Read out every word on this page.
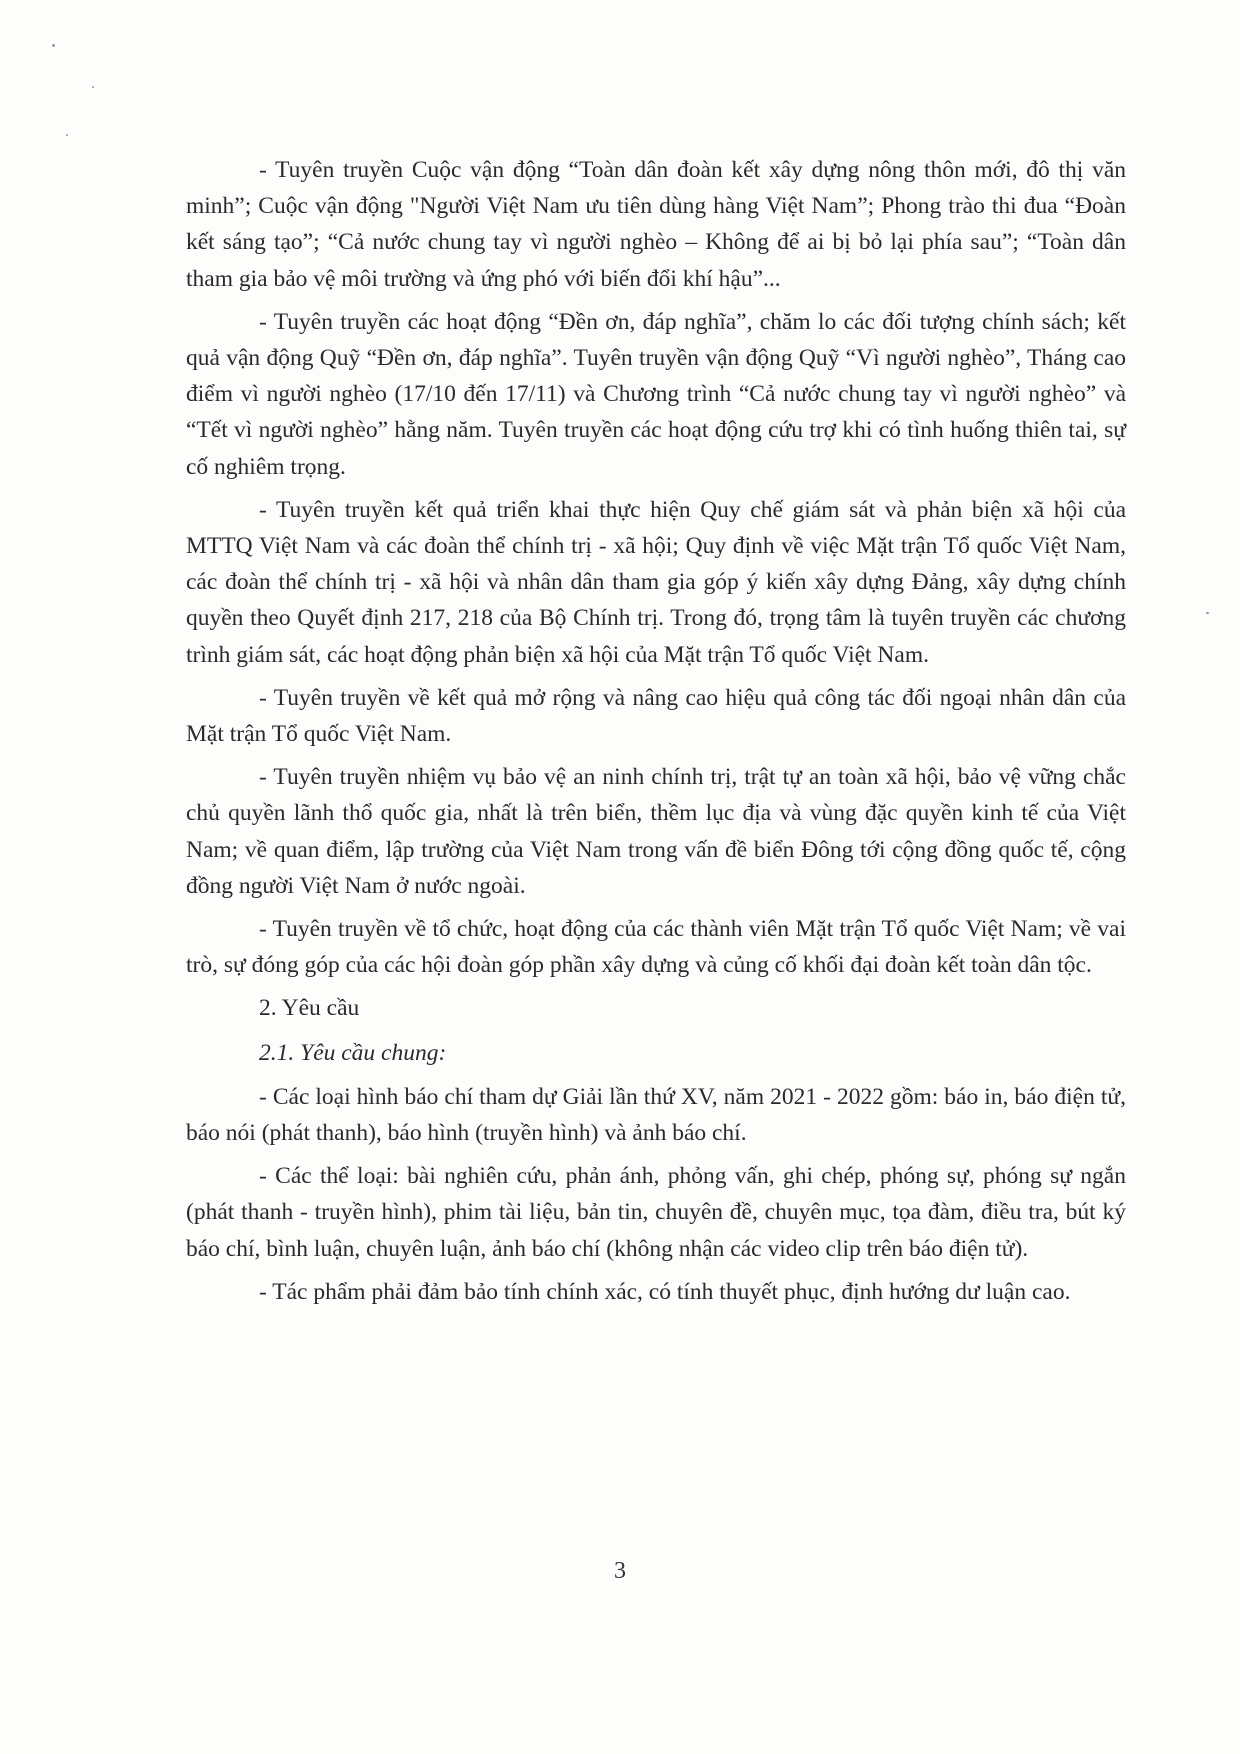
- Tuyên truyền Cuộc vận động “Toàn dân đoàn kết xây dựng nông thôn mới, đô thị văn minh”; Cuộc vận động "Người Việt Nam ưu tiên dùng hàng Việt Nam”; Phong trào thi đua “Đoàn kết sáng tạo”; “Cả nước chung tay vì người nghèo – Không để ai bị bỏ lại phía sau”; “Toàn dân tham gia bảo vệ môi trường và ứng phó với biến đổi khí hậu”...

- Tuyên truyền các hoạt động “Đền ơn, đáp nghĩa”, chăm lo các đối tượng chính sách; kết quả vận động Quỹ “Đền ơn, đáp nghĩa”. Tuyên truyền vận động Quỹ “Vì người nghèo”, Tháng cao điểm vì người nghèo (17/10 đến 17/11) và Chương trình “Cả nước chung tay vì người nghèo” và “Tết vì người nghèo” hằng năm. Tuyên truyền các hoạt động cứu trợ khi có tình huống thiên tai, sự cố nghiêm trọng.

- Tuyên truyền kết quả triển khai thực hiện Quy chế giám sát và phản biện xã hội của MTTQ Việt Nam và các đoàn thể chính trị - xã hội; Quy định về việc Mặt trận Tổ quốc Việt Nam, các đoàn thể chính trị - xã hội và nhân dân tham gia góp ý kiến xây dựng Đảng, xây dựng chính quyền theo Quyết định 217, 218 của Bộ Chính trị. Trong đó, trọng tâm là tuyên truyền các chương trình giám sát, các hoạt động phản biện xã hội của Mặt trận Tổ quốc Việt Nam.

- Tuyên truyền về kết quả mở rộng và nâng cao hiệu quả công tác đối ngoại nhân dân của Mặt trận Tổ quốc Việt Nam.

- Tuyên truyền nhiệm vụ bảo vệ an ninh chính trị, trật tự an toàn xã hội, bảo vệ vững chắc chủ quyền lãnh thổ quốc gia, nhất là trên biển, thềm lục địa và vùng đặc quyền kinh tế của Việt Nam; về quan điểm, lập trường của Việt Nam trong vấn đề biển Đông tới cộng đồng quốc tế, cộng đồng người Việt Nam ở nước ngoài.

- Tuyên truyền về tổ chức, hoạt động của các thành viên Mặt trận Tổ quốc Việt Nam; về vai trò, sự đóng góp của các hội đoàn góp phần xây dựng và củng cố khối đại đoàn kết toàn dân tộc.

2. Yêu cầu

2.1. Yêu cầu chung:

- Các loại hình báo chí tham dự Giải lần thứ XV, năm 2021 - 2022 gồm: báo in, báo điện tử, báo nói (phát thanh), báo hình (truyền hình) và ảnh báo chí.

- Các thể loại: bài nghiên cứu, phản ánh, phỏng vấn, ghi chép, phóng sự, phóng sự ngắn (phát thanh - truyền hình), phim tài liệu, bản tin, chuyên đề, chuyên mục, tọa đàm, điều tra, bút ký báo chí, bình luận, chuyên luận, ảnh báo chí (không nhận các video clip trên báo điện tử).

- Tác phẩm phải đảm bảo tính chính xác, có tính thuyết phục, định hướng dư luận cao.

3
